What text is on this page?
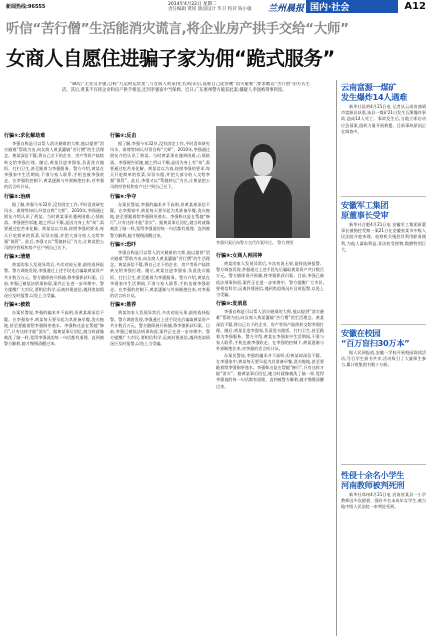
新闻热线:96555	2014年4月22日 星期二
责任编辑 黄铭 版面设计 毕卫 校对 陈小敏 兰州晨报 国内·社会	A12
听信“苦行僧”生活能消灾谎言,将企业房产拱手交给“大师”
女商人自愿住进骗子家为佣“跪式服务”
“80后”无业汉李强,自称“九运财运贵星”,与女商人黄某(化名)结识后,谎称自己能帮她“消灾避难”,要求她以“苦行僧”的方式生活。其后,黄某不仅将企业和房产拱手相送,还到李强家中当保姆。近日,广东惠州警方破获此案,嫌疑人李强被刑事拘留。
行骗①:求化解劫难

李强自称是可以帮人消灾避难的大师,他以提供“消灾避难”帮助为由,向女商人黄某灌输“苦行僧”的生活理念。黄某深信不疑,将自己名下的企业、房产等资产陆续转交给李强打理。随后,黄某住进李强家,负责洗衣做饭、打扫卫生,甚至跪着为李强服务。警方介绍,黄某在李强家中生活期间,不准与家人联系,手机也被李强收走。在李强的控制下,黄某逐渐与外界断绝往来,对李强的话言听计从。

行骗②:治病

据了解,李强今年32岁,没有固定工作,平时喜欢研究风水、命理等知识,经常自称“大师”。2010年,李强通过朋友介绍认识了黄某。当时黄某事业遇到困难,心情低落。李强便告诉她,她之所以不顺,是因为身上有“劫”,需要通过吃苦来化解。黄某信以为真,按照李强的要求,每天只吃简单的饭菜,穿旧衣服,并把大部分收入交给李强“保管”。此后,李强又以“帮她转运”为名,让黄某把公司的经营权和房产过户到自己名下。

行骗③:清楚

黄某的家人发现异常后,多次劝说无果,最终选择报警。警方调查发现,李强通过上述手段先后骗取黄某资产共计数百万元。警方随即展开抓捕,将李强抓获归案。目前,李强已被依法刑事拘留,案件正在进一步审理中。警方提醒广大市民,要相信科学,远离封建迷信,遇到类似情况应及时报警,以免上当受骗。

行骗④:被救

办案民警说,李强的骗术并不高明,但黄某却深信不疑。在李强家中,黄某每天要早起为其准备早餐,洗衣拖地,甚至要跪着给李强倒茶递水。李强称这是在帮她“修行”,只有这样才能“消灾”。据黄某事后回忆,她当时就像被洗了脑一样,觉得李强说的每一句话都有道理。直到被警方解救,她才慢慢清醒过来。

行骗⑤:反击

据了解,李强今年32岁,没有固定工作,平时喜欢研究风水、命理等知识,经常自称“大师”。2010年,李强通过朋友介绍认识了黄某。当时黄某事业遇到困难,心情低落。李强便告诉她,她之所以不顺,是因为身上有“劫”,需要通过吃苦来化解。黄某信以为真,按照李强的要求,每天只吃简单的饭菜,穿旧衣服,并把大部分收入交给李强“保管”。此后,李强又以“帮她转运”为名,让黄某把公司的经营权和房产过户到自己名下。

行骗⑥:争夺

办案民警说,李强的骗术并不高明,但黄某却深信不疑。在李强家中,黄某每天要早起为其准备早餐,洗衣拖地,甚至要跪着给李强倒茶递水。李强称这是在帮她“修行”,只有这样才能“消灾”。据黄某事后回忆,她当时就像被洗了脑一样,觉得李强说的每一句话都有道理。直到被警方解救,她才慢慢清醒过来。

行骗⑦:恐吓

李强自称是可以帮人消灾避难的大师,他以提供“消灾避难”帮助为由,向女商人黄某灌输“苦行僧”的生活理念。黄某深信不疑,将自己名下的企业、房产等资产陆续转交给李强打理。随后,黄某住进李强家,负责洗衣做饭、打扫卫生,甚至跪着为李强服务。警方介绍,黄某在李强家中生活期间,不准与家人联系,手机也被李强收走。在李强的控制下,黄某逐渐与外界断绝往来,对李强的话言听计从。

行骗⑧:推荐

黄某的家人发现异常后,多次劝说无果,最终选择报警。警方调查发现,李强通过上述手段先后骗取黄某资产共计数百万元。警方随即展开抓捕,将李强抓获归案。目前,李强已被依法刑事拘留,案件正在进一步审理中。警方提醒广大市民,要相信科学,远离封建迷信,遇到类似情况应及时报警,以免上当受骗。

李强归案后向警方交代作案经过。 警方供图
行骗⑨:女商人再回神

黄某的家人发现异常后,多次劝说无果,最终选择报警。警方调查发现,李强通过上述手段先后骗取黄某资产共计数百万元。警方随即展开抓捕,将李强抓获归案。目前,李强已被依法刑事拘留,案件正在进一步审理中。警方提醒广大市民,要相信科学,远离封建迷信,遇到类似情况应及时报警,以免上当受骗。

行骗⑩:发消息

李强自称是可以帮人消灾避难的大师,他以提供“消灾避难”帮助为由,向女商人黄某灌输“苦行僧”的生活理念。黄某深信不疑,将自己名下的企业、房产等资产陆续转交给李强打理。随后,黄某住进李强家,负责洗衣做饭、打扫卫生,甚至跪着为李强服务。警方介绍,黄某在李强家中生活期间,不准与家人联系,手机也被李强收走。在李强的控制下,黄某逐渐与外界断绝往来,对李强的话言听计从。

办案民警说,李强的骗术并不高明,但黄某却深信不疑。在李强家中,黄某每天要早起为其准备早餐,洗衣拖地,甚至要跪着给李强倒茶递水。李强称这是在帮她“修行”,只有这样才能“消灾”。据黄某事后回忆,她当时就像被洗了脑一样,觉得李强说的每一句话都有道理。直到被警方解救,她才慢慢清醒过来。

云南富源一煤矿
发生爆炸14人遇难
新华社昆明4月21日电 记者从云南省曲靖市富源县获悉,该县一煤矿21日发生瓦斯爆炸事故,造成14人死亡。事故发生后,当地立即启动应急预案,组织力量开展救援。目前事故原因正在调查中。
安徽军工集团
原董事长受审
新华社合肥4月21日电 安徽军工集团原董事长被指控受贿一案21日在安徽省某市中级人民法院开庭审理。检察机关指控其利用职务便利,为他人谋取利益,非法收受财物,数额特别巨大。
安徽在校园
“百万盲扫30万本”
据人民网报道,安徽一学校开展校园阅读活动,号召学生捐书共享,活动吸引了大量师生参与,累计收集图书数十万册。
性侵十余名小学生
河南教师被判死刑
新华社郑州4月21日电 河南省某县一小学教师因多次猥亵、强奸多名未成年女学生,被当地中级人民法院一审判处死刑。
